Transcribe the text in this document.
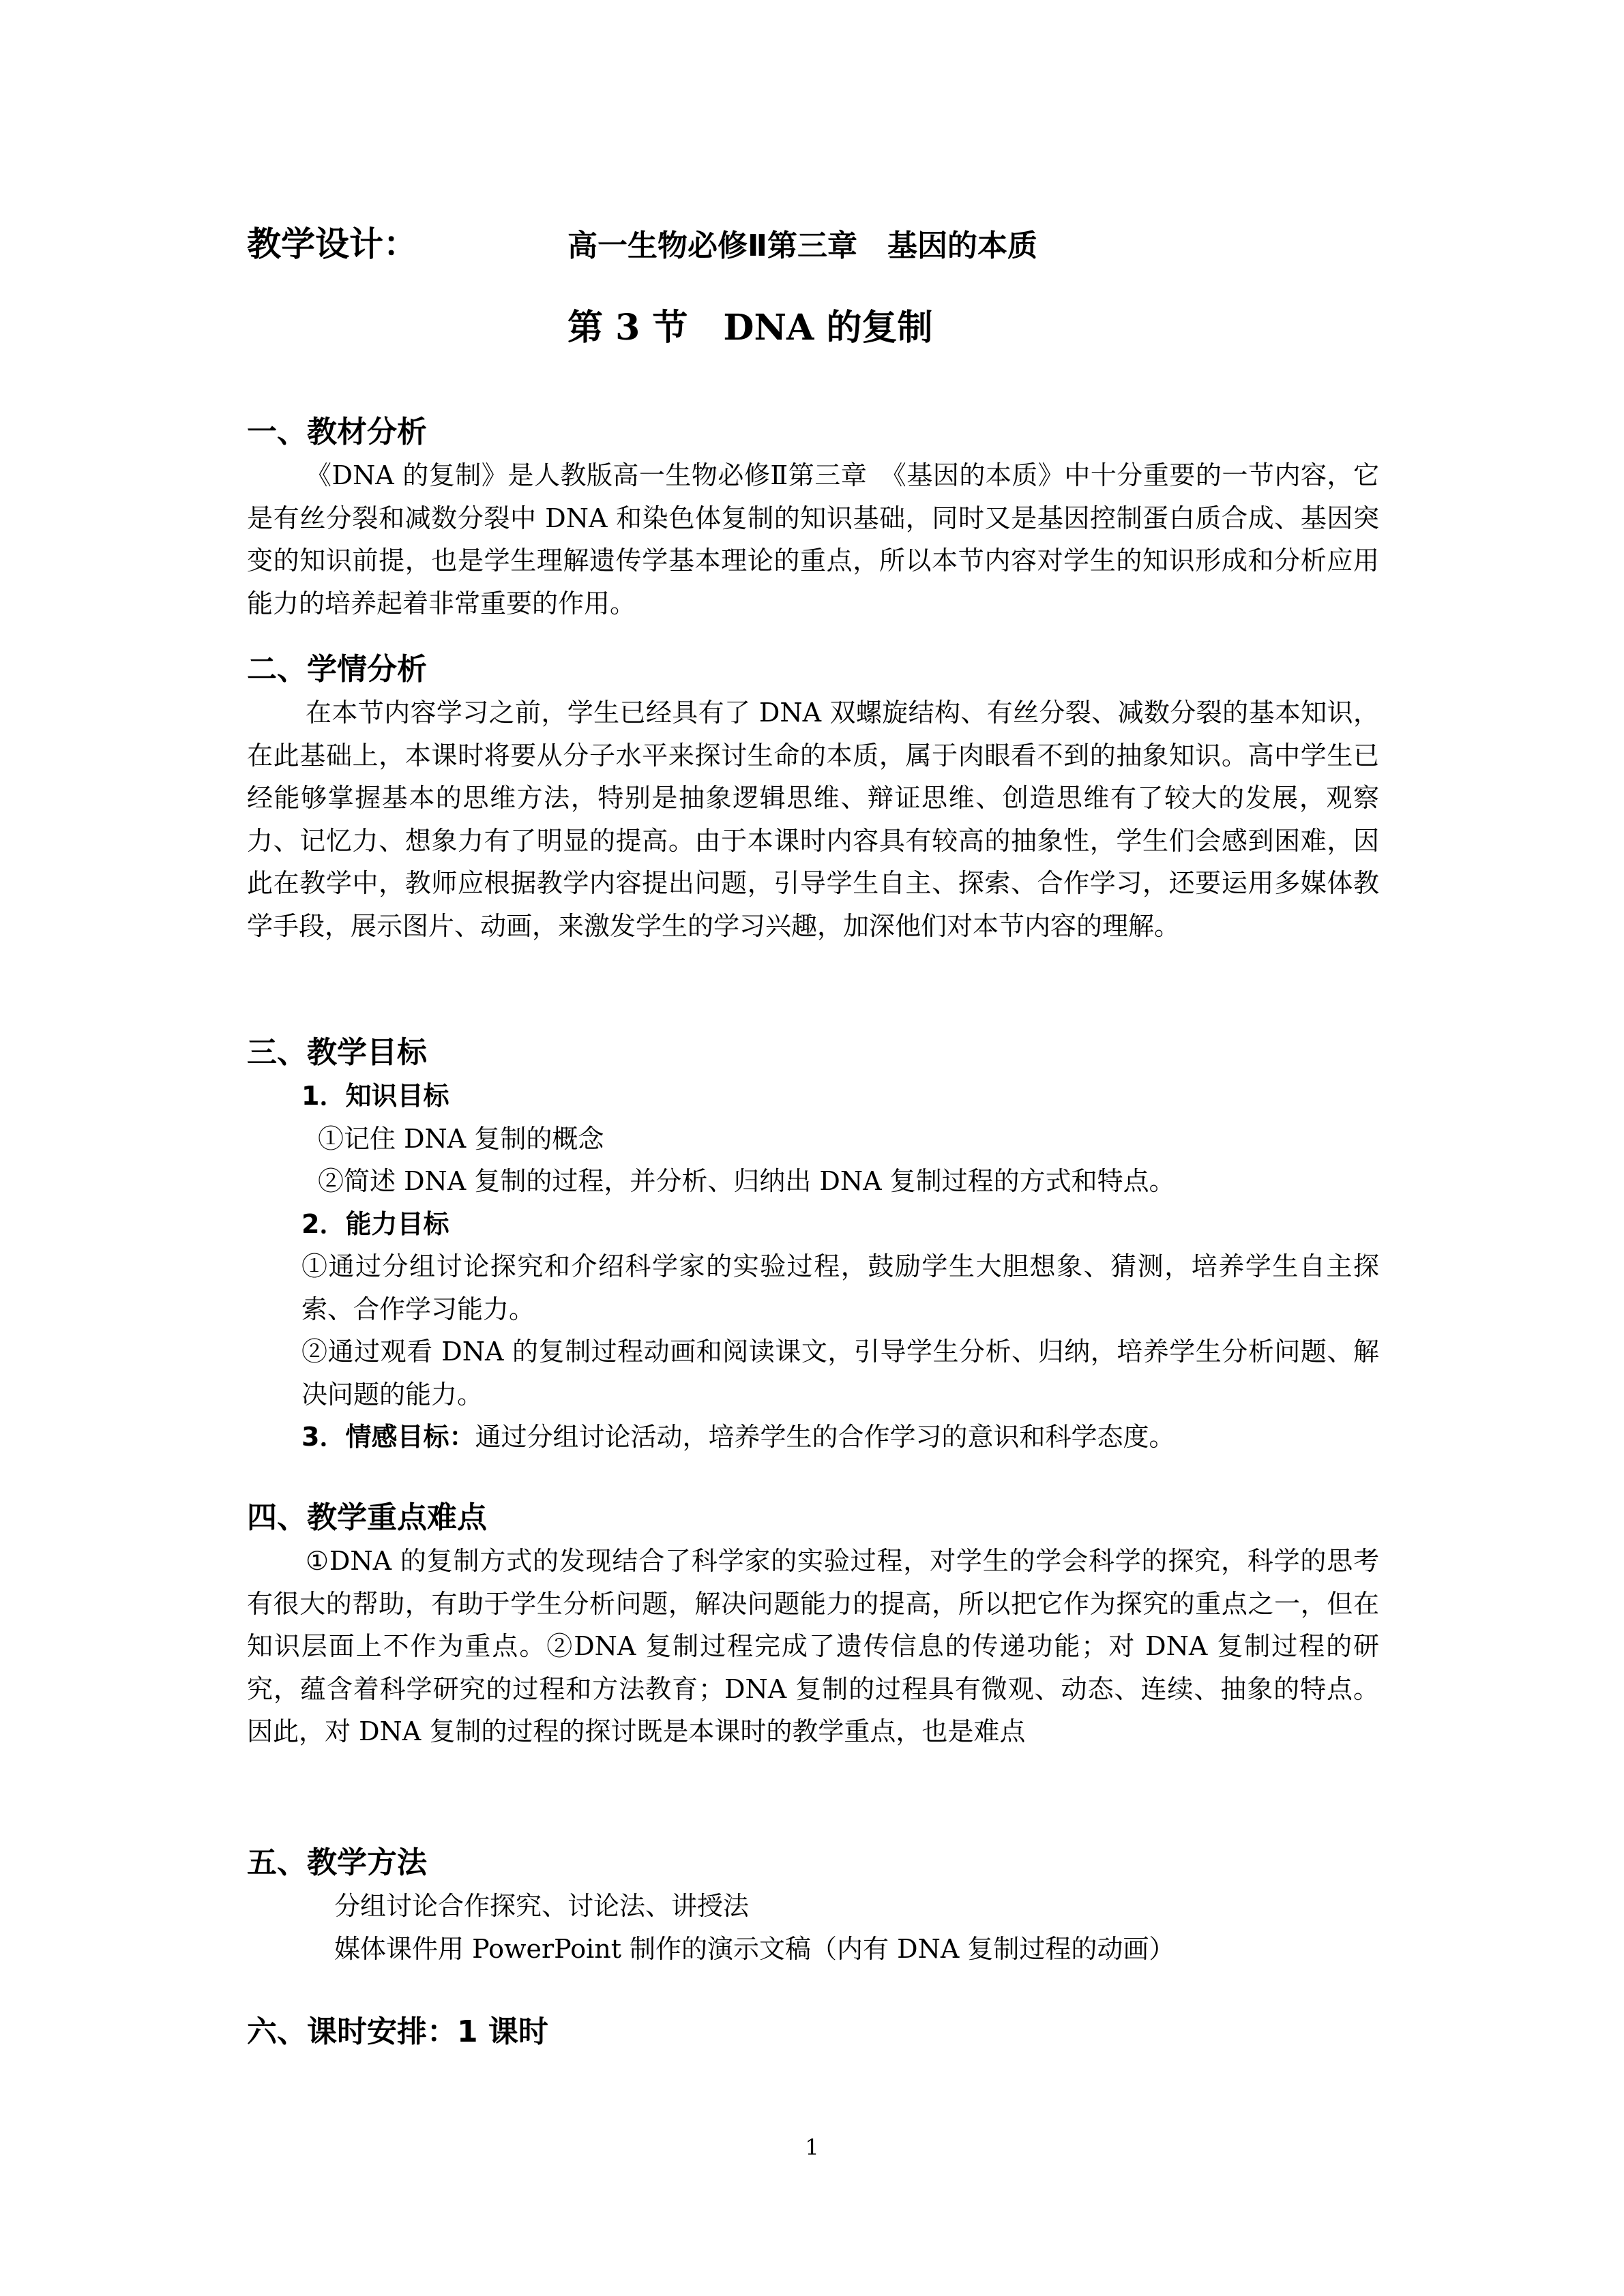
教学设计：	高一生物必修Ⅱ第三章　基因的本质
第 3 节　DNA 的复制
一、教材分析
《DNA 的复制》是人教版高一生物必修Ⅱ第三章　《基因的本质》中十分重要的一节内容，它是有丝分裂和减数分裂中 DNA 和染色体复制的知识基础，同时又是基因控制蛋白质合成、基因突变的知识前提，也是学生理解遗传学基本理论的重点，所以本节内容对学生的知识形成和分析应用能力的培养起着非常重要的作用。
二、学情分析
在本节内容学习之前，学生已经具有了 DNA 双螺旋结构、有丝分裂、减数分裂的基本知识，在此基础上，本课时将要从分子水平来探讨生命的本质，属于肉眼看不到的抽象知识。高中学生已经能够掌握基本的思维方法，特别是抽象逻辑思维、辩证思维、创造思维有了较大的发展，观察力、记忆力、想象力有了明显的提高。由于本课时内容具有较高的抽象性，学生们会感到困难，因此在教学中，教师应根据教学内容提出问题，引导学生自主、探索、合作学习，还要运用多媒体教学手段，展示图片、动画，来激发学生的学习兴趣，加深他们对本节内容的理解。
三、教学目标
1．知识目标
①记住 DNA 复制的概念
②简述 DNA 复制的过程，并分析、归纳出 DNA 复制过程的方式和特点。
2．能力目标
①通过分组讨论探究和介绍科学家的实验过程，鼓励学生大胆想象、猜测，培养学生自主探索、合作学习能力。
②通过观看 DNA 的复制过程动画和阅读课文，引导学生分析、归纳，培养学生分析问题、解决问题的能力。
3．情感目标：通过分组讨论活动，培养学生的合作学习的意识和科学态度。
四、教学重点难点
①DNA 的复制方式的发现结合了科学家的实验过程，对学生的学会科学的探究，科学的思考有很大的帮助，有助于学生分析问题，解决问题能力的提高，所以把它作为探究的重点之一，但在知识层面上不作为重点。②DNA 复制过程完成了遗传信息的传递功能；对 DNA 复制过程的研究，蕴含着科学研究的过程和方法教育；DNA 复制的过程具有微观、动态、连续、抽象的特点。因此，对 DNA 复制的过程的探讨既是本课时的教学重点，也是难点
五、教学方法
分组讨论合作探究、讨论法、讲授法
媒体课件用 PowerPoint 制作的演示文稿（内有 DNA 复制过程的动画）
六、课时安排：1 课时
1
